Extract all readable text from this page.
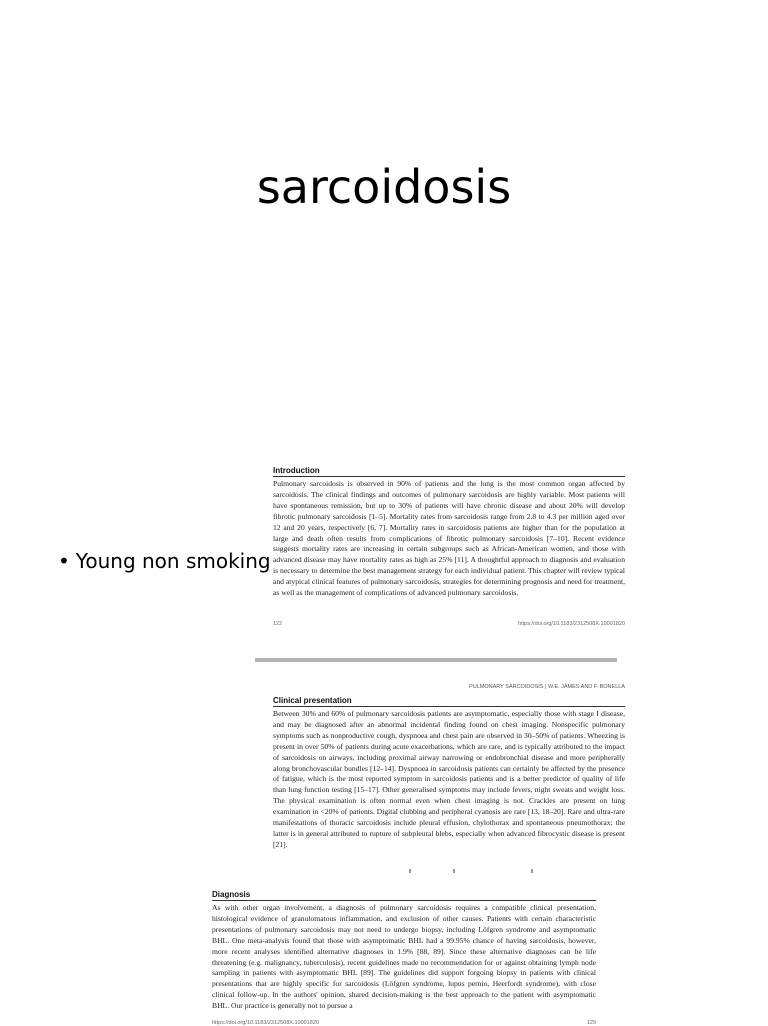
sarcoidosis
• Young non smoking
Introduction

Pulmonary sarcoidosis is observed in 90% of patients and the lung is the most common organ affected by sarcoidosis. The clinical findings and outcomes of pulmonary sarcoidosis are highly variable. Most patients will have spontaneous remission, but up to 30% of patients will have chronic disease and about 20% will develop fibrotic pulmonary sarcoidosis [1–5]. Mortality rates from sarcoidosis range from 2.8 to 4.3 per million aged over 12 and 20 years, respectively [6, 7]. Mortality rates in sarcoidosis patients are higher than for the population at large and death often results from complications of fibrotic pulmonary sarcoidosis [7–10]. Recent evidence suggests mortality rates are increasing in certain subgroups such as African-American women, and those with advanced disease may have mortality rates as high as 25% [11]. A thoughtful approach to diagnosis and evaluation is necessary to determine the best management strategy for each individual patient. This chapter will review typical and atypical clinical features of pulmonary sarcoidosis, strategies for determining prognosis and need for treatment, as well as the management of complications of advanced pulmonary sarcoidosis.

122	https://doi.org/10.1183/2312508X.10001820
PULMONARY SARCOIDOSIS | W.E. JAMES AND F. BONELLA
Clinical presentation

Between 30% and 60% of pulmonary sarcoidosis patients are asymptomatic, especially those with stage I disease, and may be diagnosed after an abnormal incidental finding found on chest imaging. Nonspecific pulmonary symptoms such as nonproductive cough, dyspnoea and chest pain are observed in 30–50% of patients. Wheezing is present in over 50% of patients during acute exacerbations, which are rare, and is typically attributed to the impact of sarcoidosis on airways, including proximal airway narrowing or endobronchial disease and more peripherally along bronchovascular bundles [12–14]. Dyspnoea in sarcoidosis patients can certainly be affected by the presence of fatigue, which is the most reported symptom in sarcoidosis patients and is a better predictor of quality of life than lung function testing [15–17]. Other generalised symptoms may include fevers, night sweats and weight loss. The physical examination is often normal even when chest imaging is not. Crackles are present on lung examination in <20% of patients. Digital clubbing and peripheral cyanosis are rare [13, 18–20]. Rare and ultra-rare manifestations of thoracic sarcoidosis include pleural effusion, chylothorax and spontaneous pneumothorax; the latter is in general attributed to rupture of subpleural blebs, especially when advanced fibrocystic disease is present [21].

Diagnosis

As with other organ involvement, a diagnosis of pulmonary sarcoidosis requires a compatible clinical presentation, histological evidence of granulomatous inflammation, and exclusion of other causes. Patients with certain characteristic presentations of pulmonary sarcoidosis may not need to undergo biopsy, including Löfgren syndrome and asymptomatic BHL. One meta-analysis found that those with asymptomatic BHL had a 99.95% chance of having sarcoidosis, however, more recent analyses identified alternative diagnoses in 1.9% [88, 89]. Since these alternative diagnoses can be life threatening (e.g. malignancy, tuberculosis), recent guidelines made no recommendation for or against obtaining lymph node sampling in patients with asymptomatic BHL [89]. The guidelines did support forgoing biopsy in patients with clinical presentations that are highly specific for sarcoidosis (Löfgren syndrome, lupus pernio, Heerfordt syndrome), with close clinical follow-up. In the authors' opinion, shared decision-making is the best approach to the patient with asymptomatic BHL. Our practice is generally not to pursue a

https://doi.org/10.1183/2312508X.10001820	129
